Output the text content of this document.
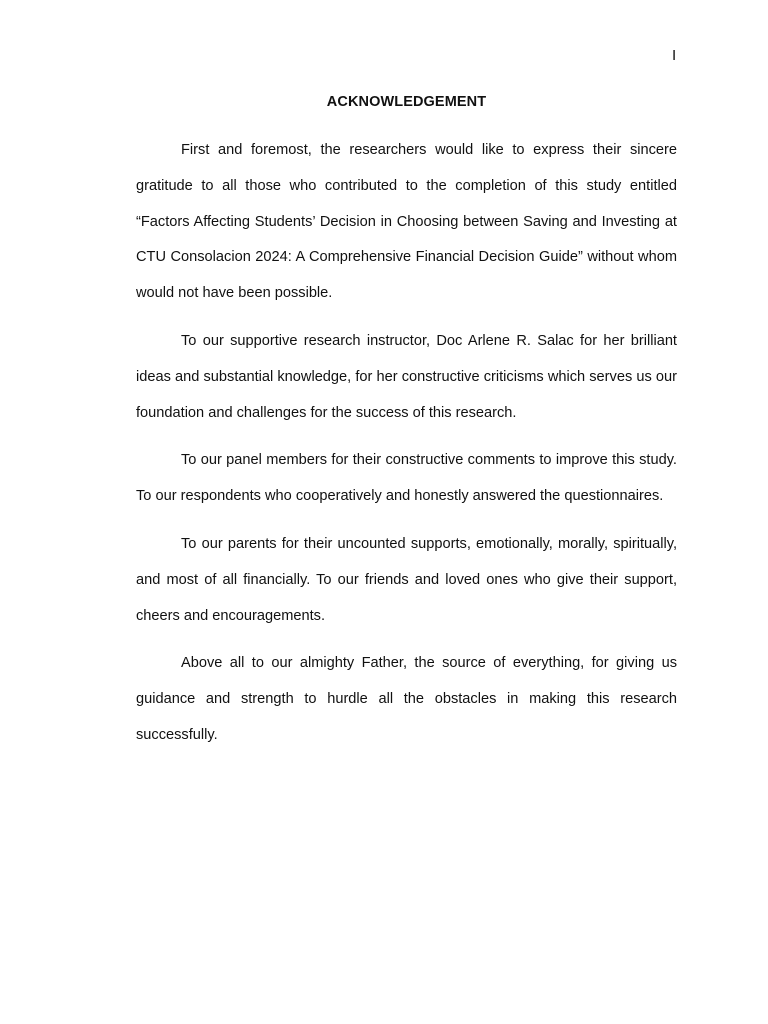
I
ACKNOWLEDGEMENT

First and foremost, the researchers would like to express their sincere gratitude to all those who contributed to the completion of this study entitled “Factors Affecting Students’ Decision in Choosing between Saving and Investing at CTU Consolacion 2024: A Comprehensive Financial Decision Guide” without whom would not have been possible.

To our supportive research instructor, Doc Arlene R. Salac for her brilliant ideas and substantial knowledge, for her constructive criticisms which serves us our foundation and challenges for the success of this research.

To our panel members for their constructive comments to improve this study. To our respondents who cooperatively and honestly answered the questionnaires.

To our parents for their uncounted supports, emotionally, morally, spiritually, and most of all financially. To our friends and loved ones who give their support, cheers and encouragements.

Above all to our almighty Father, the source of everything, for giving us guidance and strength to hurdle all the obstacles in making this research successfully.
